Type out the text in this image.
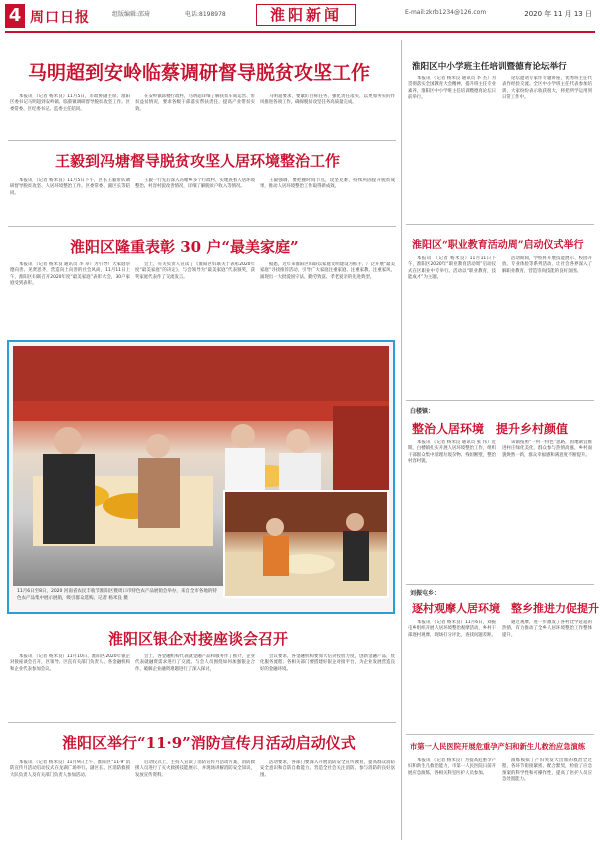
4 周口日报	组版编辑:邵琦	电话:8198978	淮阳新闻	E-mail:zkrb1234@126.com	2020 年 11 月 13 日
马明超到安岭临蔡调研督导脱贫攻坚工作

本报讯 （记者 杨米良）11月5日，市政协副主席、淮阳区委书记马明超到安岭镇、临蔡镇调研督导脱贫攻坚工作。区委常委、区纪委书记、监委主任陪同。

在安岭镇邱楼行政村，马明超详细了解扶贫车间运营、带贫益贫情况，要求各级干部落实帮扶责任，提高产业带贫实效。

马明超要求，要紧盯目标任务，强化责任落实，以更加务实的作风推进各项工作，确保脱贫攻坚任务高质量完成。

王毅到冯塘督导脱贫攻坚人居环境整治工作

本报讯 （记者 杨米良）11月5日下午，区长王毅带队调研督导脱贫攻坚、人居环境整治工作。区委常委、副区长等陪同。

王毅一行先后深入冯塘乡多个行政村，实地查看人居环境整治、村容村貌改善情况，详细了解脱贫户收入等情况。

王毅强调，要把握时间节点，攻坚克难，持续巩固提升脱贫成果，推动人居环境整治工作取得新成效。

淮阳区隆重表彰 30 户“最美家庭”

本报讯 （记者 杨米良 通讯员 李 卓）为引导广大家庭崇德向善、见贤思齐，营造向上向善的社会风尚，11月11日上午，淮阳区妇联召开2020年度“最美家庭”表彰大会，30户家庭受到表彰。

会上，有关负责人宣读了《淮阳区妇联关于表彰2020年度“最美家庭”的决定》，与会领导为“最美家庭”代表颁奖，获奖家庭代表作了交流发言。

据悉，近年来淮阳区妇联以家庭文明建设为抓手，广泛开展“最美家庭”寻找推荐活动，引导广大家庭注重家庭、注重家教、注重家风，涌现出一大批爱国守法、勤劳致富、孝老爱亲的先进典型。

11月6日至8日，2020 河南省农民丰收节淮阳区暨周口市特色农产品展销会举办，来自全市各地的特色农产品集中展示展销，吸引群众选购。记者 杨米良 摄
淮阳区银企对接座谈会召开

本报讯 （记者 杨米良）11月10日，淮阳区2020年银企对接座谈会召开，区领导、区直有关部门负责人、各金融机构和企业代表参加会议。

会上，各金融机构代表就金融产品和服务作了推介，企业代表就融资需求进行了交流。与会人员围绕如何加强银企合作、破解企业融资难题进行了深入探讨。

会议要求，各金融机构要加大信贷投放力度，创新金融产品，优化服务流程；各相关部门要搭建好银企对接平台，为企业发展营造良好的金融环境。

淮阳区举行“11·9”消防宣传月活动启动仪式

本报讯 （记者 杨米良）11月9日上午，淮阳区“11·9”消防宣传月活动启动仪式在龙湖广场举行。副区长、区消防救援大队负责人及有关部门负责人参加活动。

启动仪式上，主持人宣读了消防宣传月活动方案，消防救援人员进行了灭火救援技能展示，并现场讲解消防安全知识，发放宣传资料。

活动要求，各部门要深入开展消防安全宣传教育，提高群众消防安全意识和自防自救能力，营造全社会关注消防、参与消防的良好氛围。

淮阳区中小学班主任培训暨德育论坛举行

本报讯 （记者 杨米良 通讯员 李 杰）为贯彻落实全国教育大会精神，提升班主任专业素养，淮阳区中小学班主任培训暨德育论坛日前举行。

论坛邀请专家作专题讲座，优秀班主任代表作经验交流。全区中小学班主任代表参加培训，大家纷纷表示收获很大，将把所学运用到日常工作中。

淮阳区“职业教育活动周”启动仪式举行

本报讯 （记者 杨米良）11月11日下午，淮阳区2020年“职业教育活动周”启动仪式在区职业中专举行。活动以“职业教育，技能成才”为主题。

活动期间，学校将开展技能展示、校园开放、专业体验等系列活动，让社会各界深入了解职业教育，营造崇尚技能的良好氛围。

白楼镇：
整治人居环境　提升乡村颜值

本报讯 （记者 杨米良 通讯员 张 伟）近期，白楼镇扎实开展人居环境整治工作，组织干部群众集中清理垃圾杂物、残垣断壁，整治村容村貌。

该镇按照“一村一特色”思路，因地制宜推进村庄绿化美化，群众参与热情高涨，乡村面貌焕然一新，群众幸福感和满意度不断提升。

刘振屯乡：
逐村观摩人居环境　整乡推进力促提升

本报讯 （记者 杨米良）11月6日，刘振屯乡组织开展人居环境整治观摩活动，乡村干部逐村观摩，现场打分评比，查找问题差距。

通过观摩，进一步激发了各村比学赶超的热情，有力推动了全乡人居环境整治工作整体提升。

市第一人民医院开展危重孕产妇和新生儿救治应急演练

本报讯 （记者 杨米良）为提高危重孕产妇和新生儿救治能力，市第一人民医院日前开展应急演练，各相关科室医护人员参加。

演练模拟了产妇突发大出血的救治全过程，各环节衔接紧密、配合默契，检验了应急预案的科学性和可操作性，提高了医护人员应急处置能力。
